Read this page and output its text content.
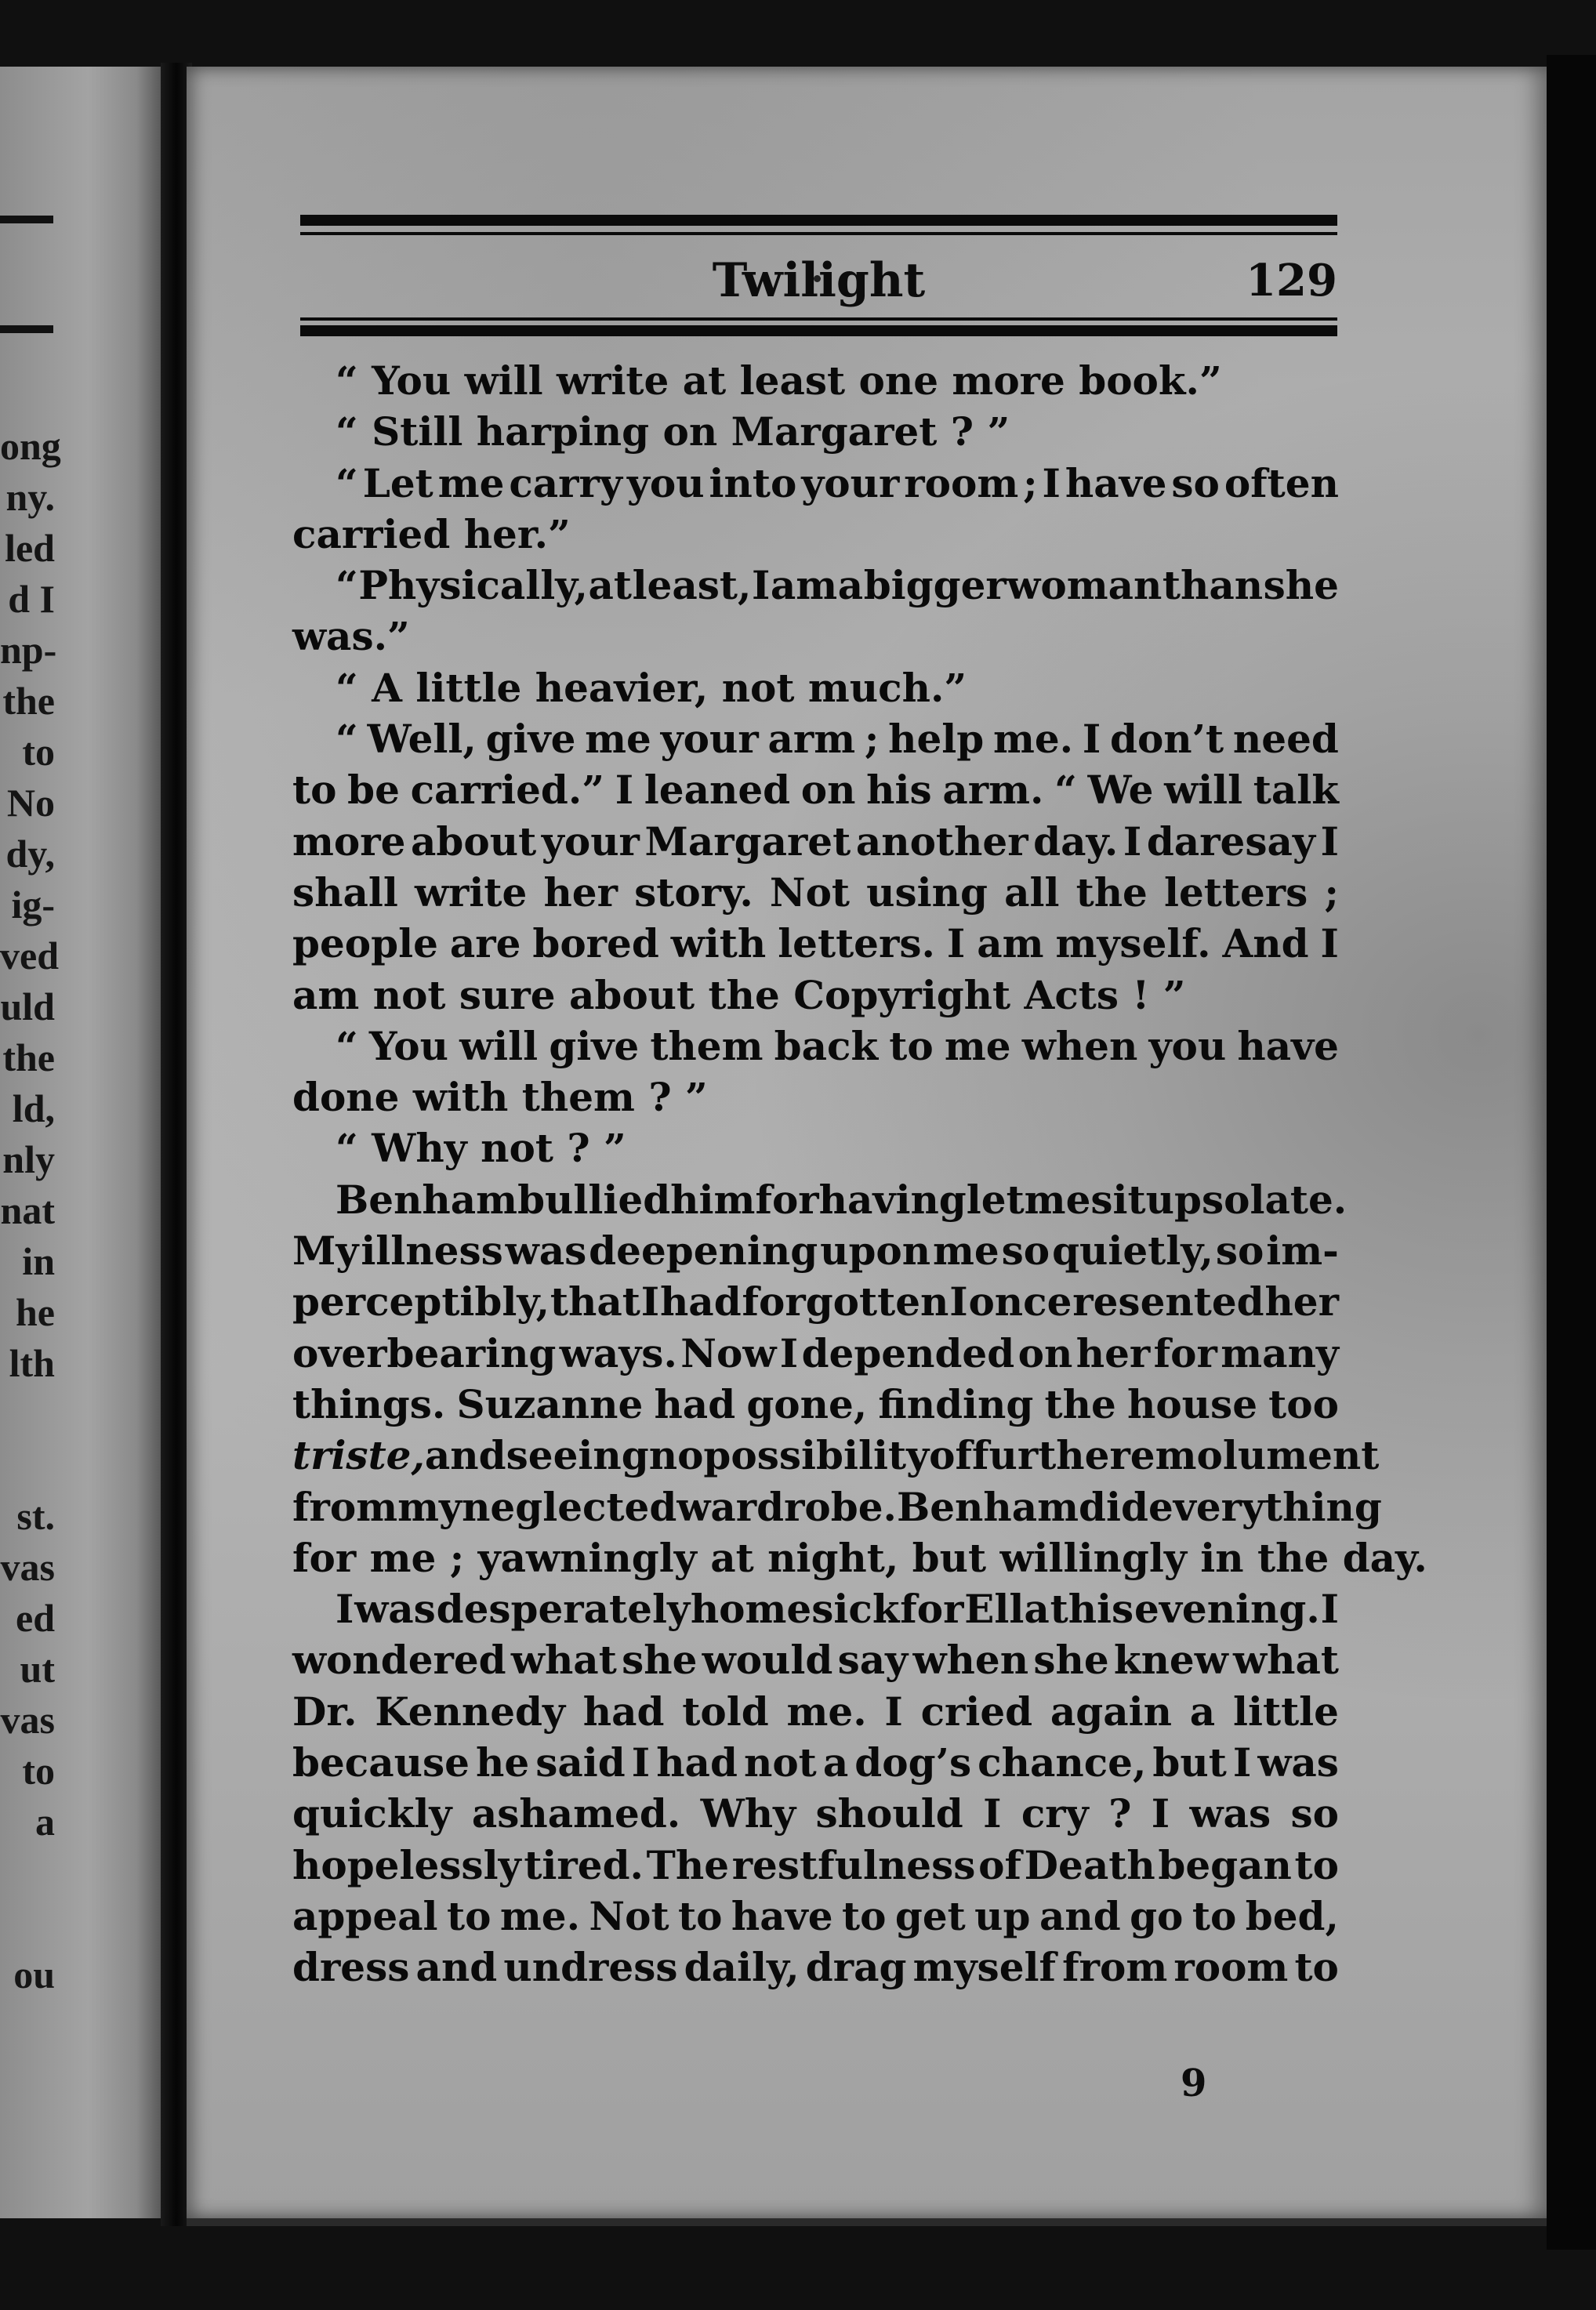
ong
ny.
led
d I
np-
the
to
No
dy,
ig-
ved
uld
the
ld,
nly
nat
in
he
lth
st.
vas
ed
ut
vas
to
a
ou
Twilight	129
“ You will write at least one more book.”
“ Still harping on Margaret ? ”
“ Let me carry you into your room ; I have so often
carried her.”
“ Physically, at least, I am a bigger woman than she
was.”
“ A little heavier, not much.”
“ Well, give me your arm ; help me. I don’t need
to be carried.” I leaned on his arm. “ We will talk
more about your Margaret another day. I daresay I
shall write her story. Not using all the letters ;
people are bored with letters. I am myself. And I
am not sure about the Copyright Acts ! ”
“ You will give them back to me when you have
done with them ? ”
“ Why not ? ”
Benham bullied him for having let me sit up so late.
My illness was deepening upon me so quietly, so im-
perceptibly, that I had forgotten I once resented her
overbearing ways. Now I depended on her for many
things. Suzanne had gone, finding the house too
triste, and seeing no possibility of further emolument
from my neglected wardrobe. Benham did everything
for me ; yawningly at night, but willingly in the day.
I was desperately homesick for Ella this evening. I
wondered what she would say when she knew what
Dr. Kennedy had told me. I cried again a little
because he said I had not a dog’s chance, but I was
quickly ashamed. Why should I cry ? I was so
hopelessly tired. The restfulness of Death began to
appeal to me. Not to have to get up and go to bed,
dress and undress daily, drag myself from room to
9
